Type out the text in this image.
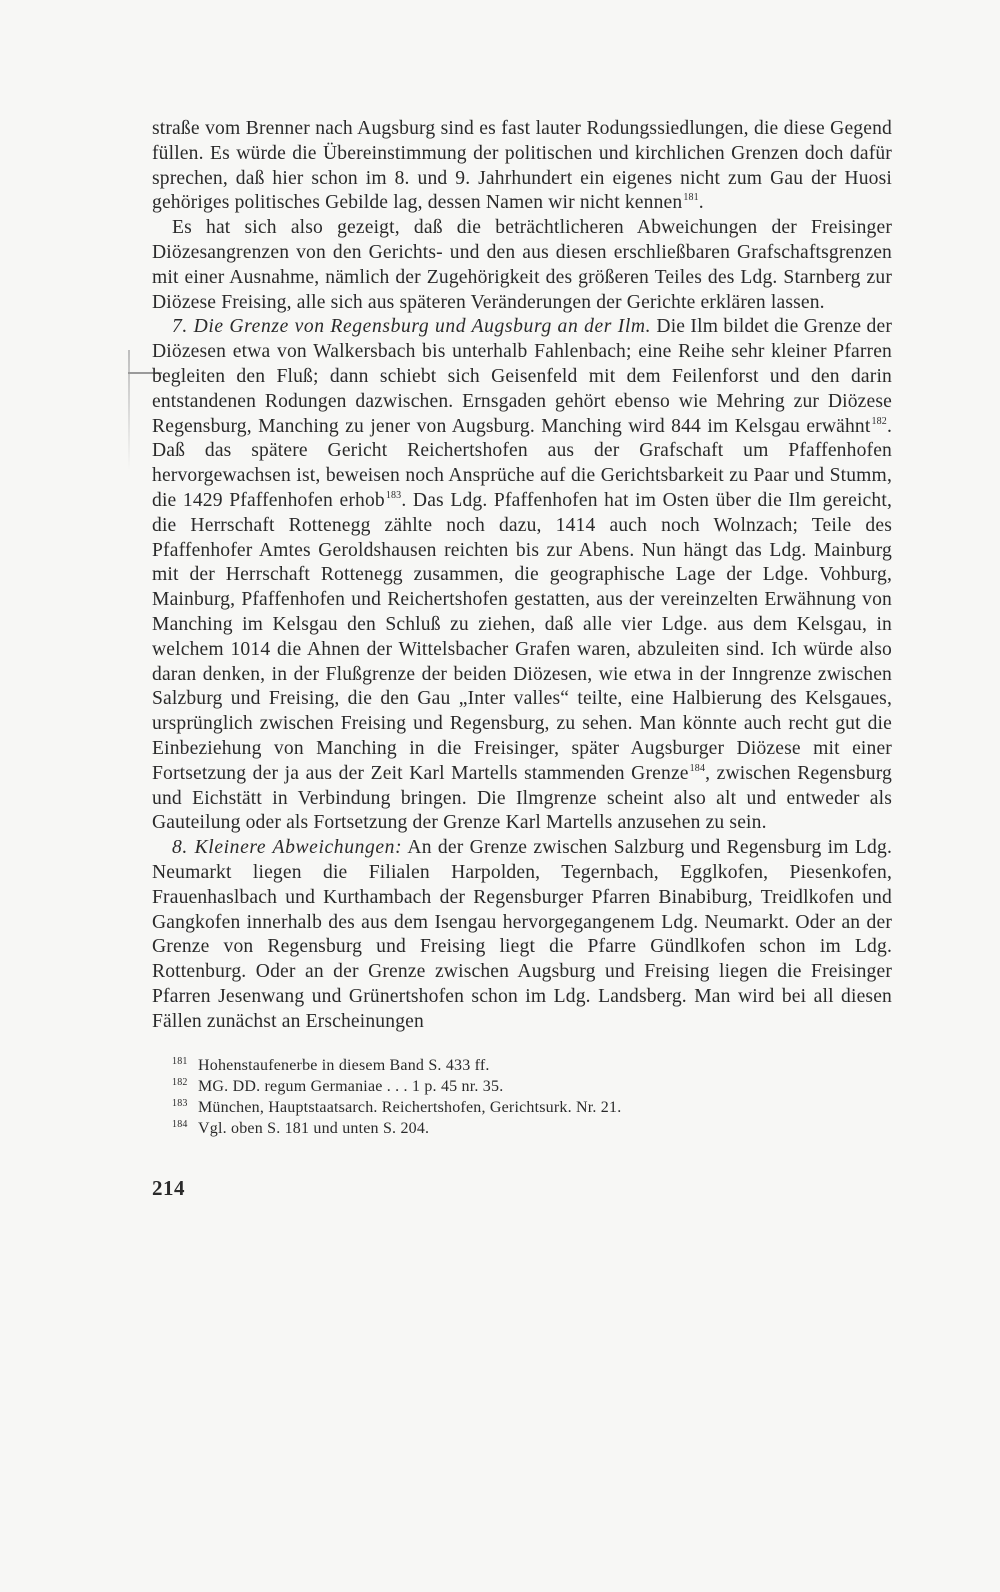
straße vom Brenner nach Augsburg sind es fast lauter Rodungssiedlungen, die diese Gegend füllen. Es würde die Übereinstimmung der politischen und kirchlichen Grenzen doch dafür sprechen, daß hier schon im 8. und 9. Jahrhundert ein eigenes nicht zum Gau der Huosi gehöriges politisches Gebilde lag, dessen Namen wir nicht kennen$^{181}$.

Es hat sich also gezeigt, daß die beträchtlicheren Abweichungen der Freisinger Diözesangrenzen von den Gerichts- und den aus diesen erschließbaren Grafschaftsgrenzen mit einer Ausnahme, nämlich der Zugehörigkeit des größeren Teiles des Ldg. Starnberg zur Diözese Freising, alle sich aus späteren Veränderungen der Gerichte erklären lassen.

7. Die Grenze von Regensburg und Augsburg an der Ilm. Die Ilm bildet die Grenze der Diözesen etwa von Walkersbach bis unterhalb Fahlenbach; eine Reihe sehr kleiner Pfarren begleiten den Fluß; dann schiebt sich Geisenfeld mit dem Feilenforst und den darin entstandenen Rodungen dazwischen. Ernsgaden gehört ebenso wie Mehring zur Diözese Regensburg, Manching zu jener von Augsburg. Manching wird 844 im Kelsgau erwähnt$^{182}$. Daß das spätere Gericht Reichertshofen aus der Grafschaft um Pfaffenhofen hervorgewachsen ist, beweisen noch Ansprüche auf die Gerichtsbarkeit zu Paar und Stumm, die 1429 Pfaffenhofen erhob$^{183}$. Das Ldg. Pfaffenhofen hat im Osten über die Ilm gereicht, die Herrschaft Rottenegg zählte noch dazu, 1414 auch noch Wolnzach; Teile des Pfaffenhofer Amtes Geroldshausen reichten bis zur Abens. Nun hängt das Ldg. Mainburg mit der Herrschaft Rottenegg zusammen, die geographische Lage der Ldge. Vohburg, Mainburg, Pfaffenhofen und Reichertshofen gestatten, aus der vereinzelten Erwähnung von Manching im Kelsgau den Schluß zu ziehen, daß alle vier Ldge. aus dem Kelsgau, in welchem 1014 die Ahnen der Wittelsbacher Grafen waren, abzuleiten sind. Ich würde also daran denken, in der Flußgrenze der beiden Diözesen, wie etwa in der Inngrenze zwischen Salzburg und Freising, die den Gau „Inter valles“ teilte, eine Halbierung des Kelsgaues, ursprünglich zwischen Freising und Regensburg, zu sehen. Man könnte auch recht gut die Einbeziehung von Manching in die Freisinger, später Augsburger Diözese mit einer Fortsetzung der ja aus der Zeit Karl Martells stammenden Grenze$^{184}$, zwischen Regensburg und Eichstätt in Verbindung bringen. Die Ilmgrenze scheint also alt und entweder als Gauteilung oder als Fortsetzung der Grenze Karl Martells anzusehen zu sein.

8. Kleinere Abweichungen: An der Grenze zwischen Salzburg und Regensburg im Ldg. Neumarkt liegen die Filialen Harpolden, Tegernbach, Egglkofen, Piesenkofen, Frauenhaslbach und Kurthambach der Regensburger Pfarren Binabiburg, Treidlkofen und Gangkofen innerhalb des aus dem Isengau hervorgegangenem Ldg. Neumarkt. Oder an der Grenze von Regensburg und Freising liegt die Pfarre Gündlkofen schon im Ldg. Rottenburg. Oder an der Grenze zwischen Augsburg und Freising liegen die Freisinger Pfarren Jesenwang und Grünertshofen schon im Ldg. Landsberg. Man wird bei all diesen Fällen zunächst an Erscheinungen

181 Hohenstaufenerbe in diesem Band S. 433 ff.
182 MG. DD. regum Germaniae . . . 1 p. 45 nr. 35.
183 München, Hauptstaatsarch. Reichertshofen, Gerichtsurk. Nr. 21.
184 Vgl. oben S. 181 und unten S. 204.
214
